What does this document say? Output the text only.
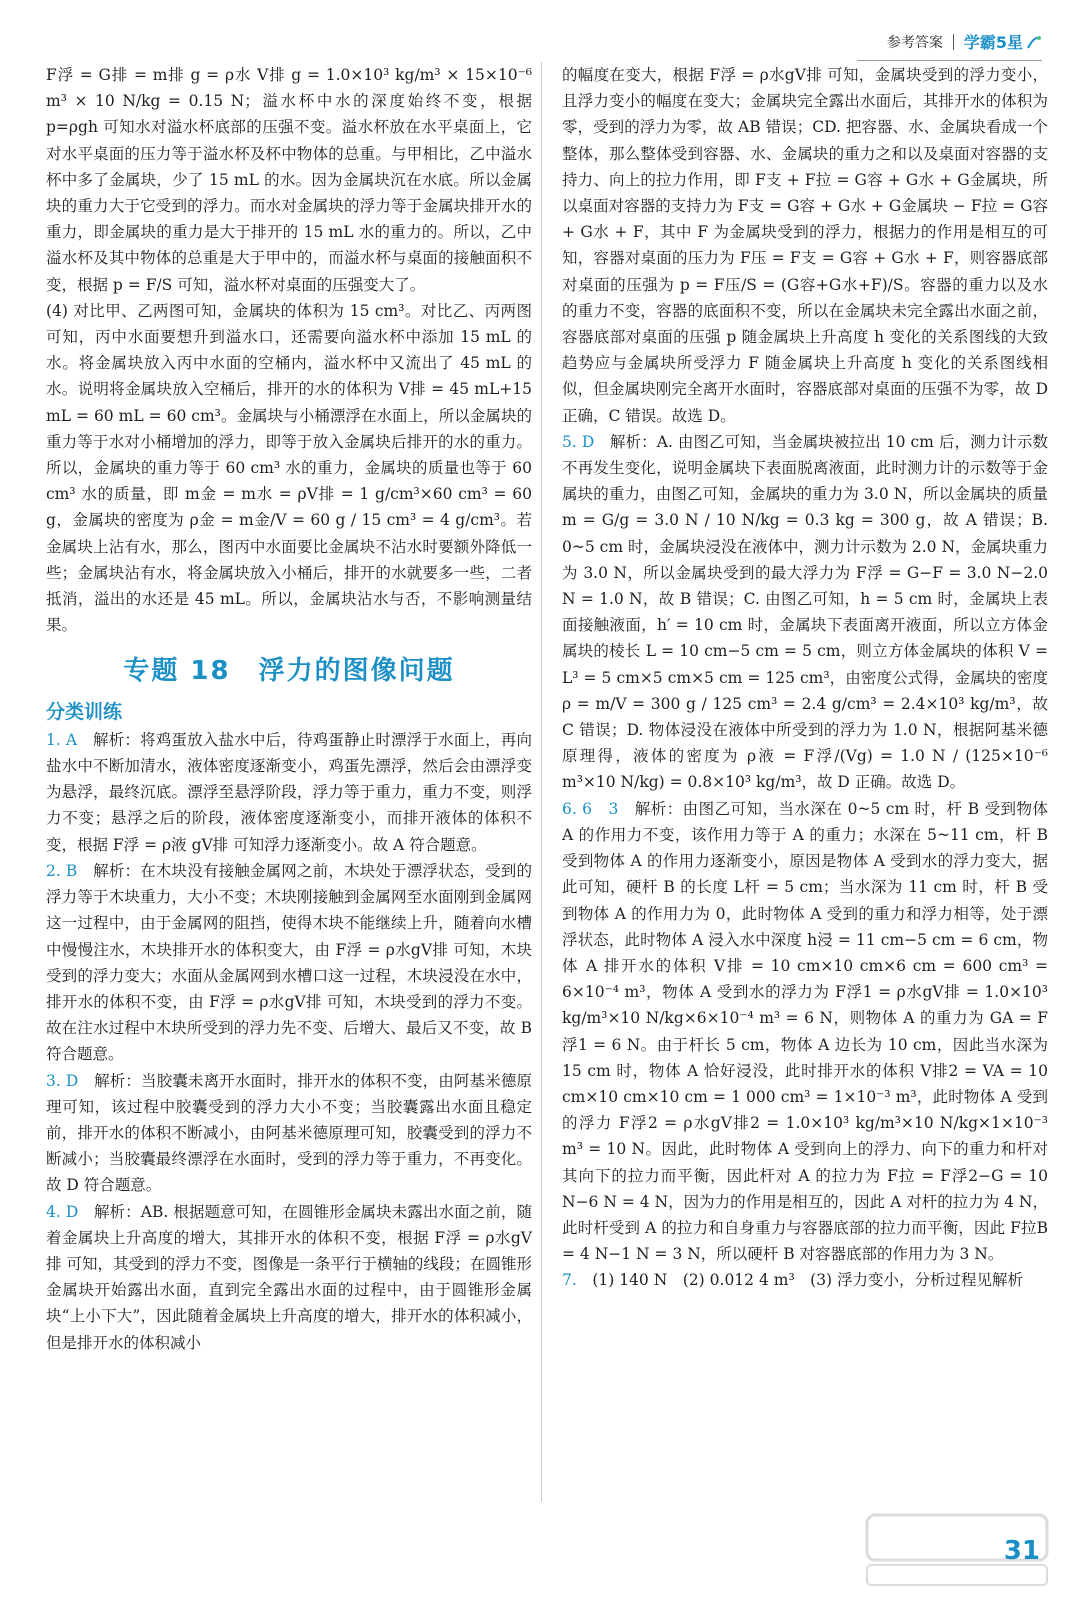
参考答案 学霸5星

F浮 = G排 = m排 g = ρ水 V排 g = 1.0×10³ kg/m³ × 15×10⁻⁶ m³ × 10 N/kg = 0.15 N；溢水杯中水的深度始终不变，根据 p=ρgh 可知水对溢水杯底部的压强不变。溢水杯放在水平桌面上，它对水平桌面的压力等于溢水杯及杯中物体的总重。与甲相比，乙中溢水杯中多了金属块，少了 15 mL 的水。因为金属块沉在水底。所以金属块的重力大于它受到的浮力。而水对金属块的浮力等于金属块排开水的重力，即金属块的重力是大于排开的 15 mL 水的重力的。所以，乙中溢水杯及其中物体的总重是大于甲中的，而溢水杯与桌面的接触面积不变，根据 p = F/S 可知，溢水杯对桌面的压强变大了。

(4) 对比甲、乙两图可知，金属块的体积为 15 cm³。对比乙、丙两图可知，丙中水面要想升到溢水口，还需要向溢水杯中添加 15 mL 的水。将金属块放入丙中水面的空桶内，溢水杯中又流出了 45 mL 的水。说明将金属块放入空桶后，排开的水的体积为 V排 = 45 mL+15 mL = 60 mL = 60 cm³。金属块与小桶漂浮在水面上，所以金属块的重力等于水对小桶增加的浮力，即等于放入金属块后排开的水的重力。所以，金属块的重力等于 60 cm³ 水的重力，金属块的质量也等于 60 cm³ 水的质量，即 m金 = m水 = ρV排 = 1 g/cm³×60 cm³ = 60 g，金属块的密度为 ρ金 = m金/V = 60 g / 15 cm³ = 4 g/cm³。若金属块上沾有水，那么，图丙中水面要比金属块不沾水时要额外降低一些；金属块沾有水，将金属块放入小桶后，排开的水就要多一些，二者抵消，溢出的水还是 45 mL。所以，金属块沾水与否，不影响测量结果。

专题 18　浮力的图像问题
分类训练

1. A　 解析：将鸡蛋放入盐水中后，待鸡蛋静止时漂浮于水面上，再向盐水中不断加清水，液体密度逐渐变小，鸡蛋先漂浮，然后会由漂浮变为悬浮，最终沉底。漂浮至悬浮阶段，浮力等于重力，重力不变，则浮力不变；悬浮之后的阶段，液体密度逐渐变小，而排开液体的体积不变，根据 F浮 = ρ液 gV排 可知浮力逐渐变小。故 A 符合题意。

2. B　 解析：在木块没有接触金属网之前，木块处于漂浮状态，受到的浮力等于木块重力，大小不变；木块刚接触到金属网至水面刚到金属网这一过程中，由于金属网的阻挡，使得木块不能继续上升，随着向水槽中慢慢注水，木块排开水的体积变大，由 F浮 = ρ水gV排 可知，木块受到的浮力变大；水面从金属网到水槽口这一过程，木块浸没在水中，排开水的体积不变，由 F浮 = ρ水gV排 可知，木块受到的浮力不变。故在注水过程中木块所受到的浮力先不变、后增大、最后又不变，故 B 符合题意。

3. D　 解析：当胶囊未离开水面时，排开水的体积不变，由阿基米德原理可知，该过程中胶囊受到的浮力大小不变；当胶囊露出水面且稳定前，排开水的体积不断减小，由阿基米德原理可知，胶囊受到的浮力不断减小；当胶囊最终漂浮在水面时，受到的浮力等于重力，不再变化。故 D 符合题意。

4. D　 解析：AB. 根据题意可知，在圆锥形金属块未露出水面之前，随着金属块上升高度的增大，其排开水的体积不变，根据 F浮 = ρ水gV排 可知，其受到的浮力不变，图像是一条平行于横轴的线段；在圆锥形金属块开始露出水面，直到完全露出水面的过程中，由于圆锥形金属块“上小下大”，因此随着金属块上升高度的增大，排开水的体积减小，但是排开水的体积减小

的幅度在变大，根据 F浮 = ρ水gV排 可知，金属块受到的浮力变小，且浮力变小的幅度在变大；金属块完全露出水面后，其排开水的体积为零，受到的浮力为零，故 AB 错误；CD. 把容器、水、金属块看成一个整体，那么整体受到容器、水、金属块的重力之和以及桌面对容器的支持力、向上的拉力作用，即 F支 + F拉 = G容 + G水 + G金属块，所以桌面对容器的支持力为 F支 = G容 + G水 + G金属块 − F拉 = G容 + G水 + F，其中 F 为金属块受到的浮力，根据力的作用是相互的可知，容器对桌面的压力为 F压 = F支 = G容 + G水 + F，则容器底部对桌面的压强为 p = F压/S = (G容+G水+F)/S。容器的重力以及水的重力不变，容器的底面积不变，所以在金属块未完全露出水面之前，容器底部对桌面的压强 p 随金属块上升高度 h 变化的关系图线的大致趋势应与金属块所受浮力 F 随金属块上升高度 h 变化的关系图线相似，但金属块刚完全离开水面时，容器底部对桌面的压强不为零，故 D 正确，C 错误。故选 D。

5. D　 解析：A. 由图乙可知，当金属块被拉出 10 cm 后，测力计示数不再发生变化，说明金属块下表面脱离液面，此时测力计的示数等于金属块的重力，由图乙可知，金属块的重力为 3.0 N，所以金属块的质量 m = G/g = 3.0 N / 10 N/kg = 0.3 kg = 300 g，故 A 错误；B. 0~5 cm 时，金属块浸没在液体中，测力计示数为 2.0 N，金属块重力为 3.0 N，所以金属块受到的最大浮力为 F浮 = G−F = 3.0 N−2.0 N = 1.0 N，故 B 错误；C. 由图乙可知，h = 5 cm 时，金属块上表面接触液面，h′ = 10 cm 时，金属块下表面离开液面，所以立方体金属块的棱长 L = 10 cm−5 cm = 5 cm，则立方体金属块的体积 V = L³ = 5 cm×5 cm×5 cm = 125 cm³，由密度公式得，金属块的密度 ρ = m/V = 300 g / 125 cm³ = 2.4 g/cm³ = 2.4×10³ kg/m³，故 C 错误；D. 物体浸没在液体中所受到的浮力为 1.0 N，根据阿基米德原理得，液体的密度为 ρ液 = F浮/(Vg) = 1.0 N / (125×10⁻⁶ m³×10 N/kg) = 0.8×10³ kg/m³，故 D 正确。故选 D。

6. 6　3　 解析：由图乙可知，当水深在 0~5 cm 时，杆 B 受到物体 A 的作用力不变，该作用力等于 A 的重力；水深在 5~11 cm，杆 B 受到物体 A 的作用力逐渐变小，原因是物体 A 受到水的浮力变大，据此可知，硬杆 B 的长度 L杆 = 5 cm；当水深为 11 cm 时，杆 B 受到物体 A 的作用力为 0，此时物体 A 受到的重力和浮力相等，处于漂浮状态，此时物体 A 浸入水中深度 h浸 = 11 cm−5 cm = 6 cm，物体 A 排开水的体积 V排 = 10 cm×10 cm×6 cm = 600 cm³ = 6×10⁻⁴ m³，物体 A 受到水的浮力为 F浮1 = ρ水gV排 = 1.0×10³ kg/m³×10 N/kg×6×10⁻⁴ m³ = 6 N，则物体 A 的重力为 GA = F浮1 = 6 N。由于杆长 5 cm，物体 A 边长为 10 cm，因此当水深为 15 cm 时，物体 A 恰好浸没，此时排开水的体积 V排2 = VA = 10 cm×10 cm×10 cm = 1 000 cm³ = 1×10⁻³ m³，此时物体 A 受到的浮力 F浮2 = ρ水gV排2 = 1.0×10³ kg/m³×10 N/kg×1×10⁻³ m³ = 10 N。因此，此时物体 A 受到向上的浮力、向下的重力和杆对其向下的拉力而平衡，因此杆对 A 的拉力为 F拉 = F浮2−G = 10 N−6 N = 4 N，因为力的作用是相互的，因此 A 对杆的拉力为 4 N，此时杆受到 A 的拉力和自身重力与容器底部的拉力而平衡，因此 F拉B = 4 N−1 N = 3 N，所以硬杆 B 对容器底部的作用力为 3 N。

7.　 (1) 140 N　(2) 0.012 4 m³　(3) 浮力变小，分析过程见解析

31
